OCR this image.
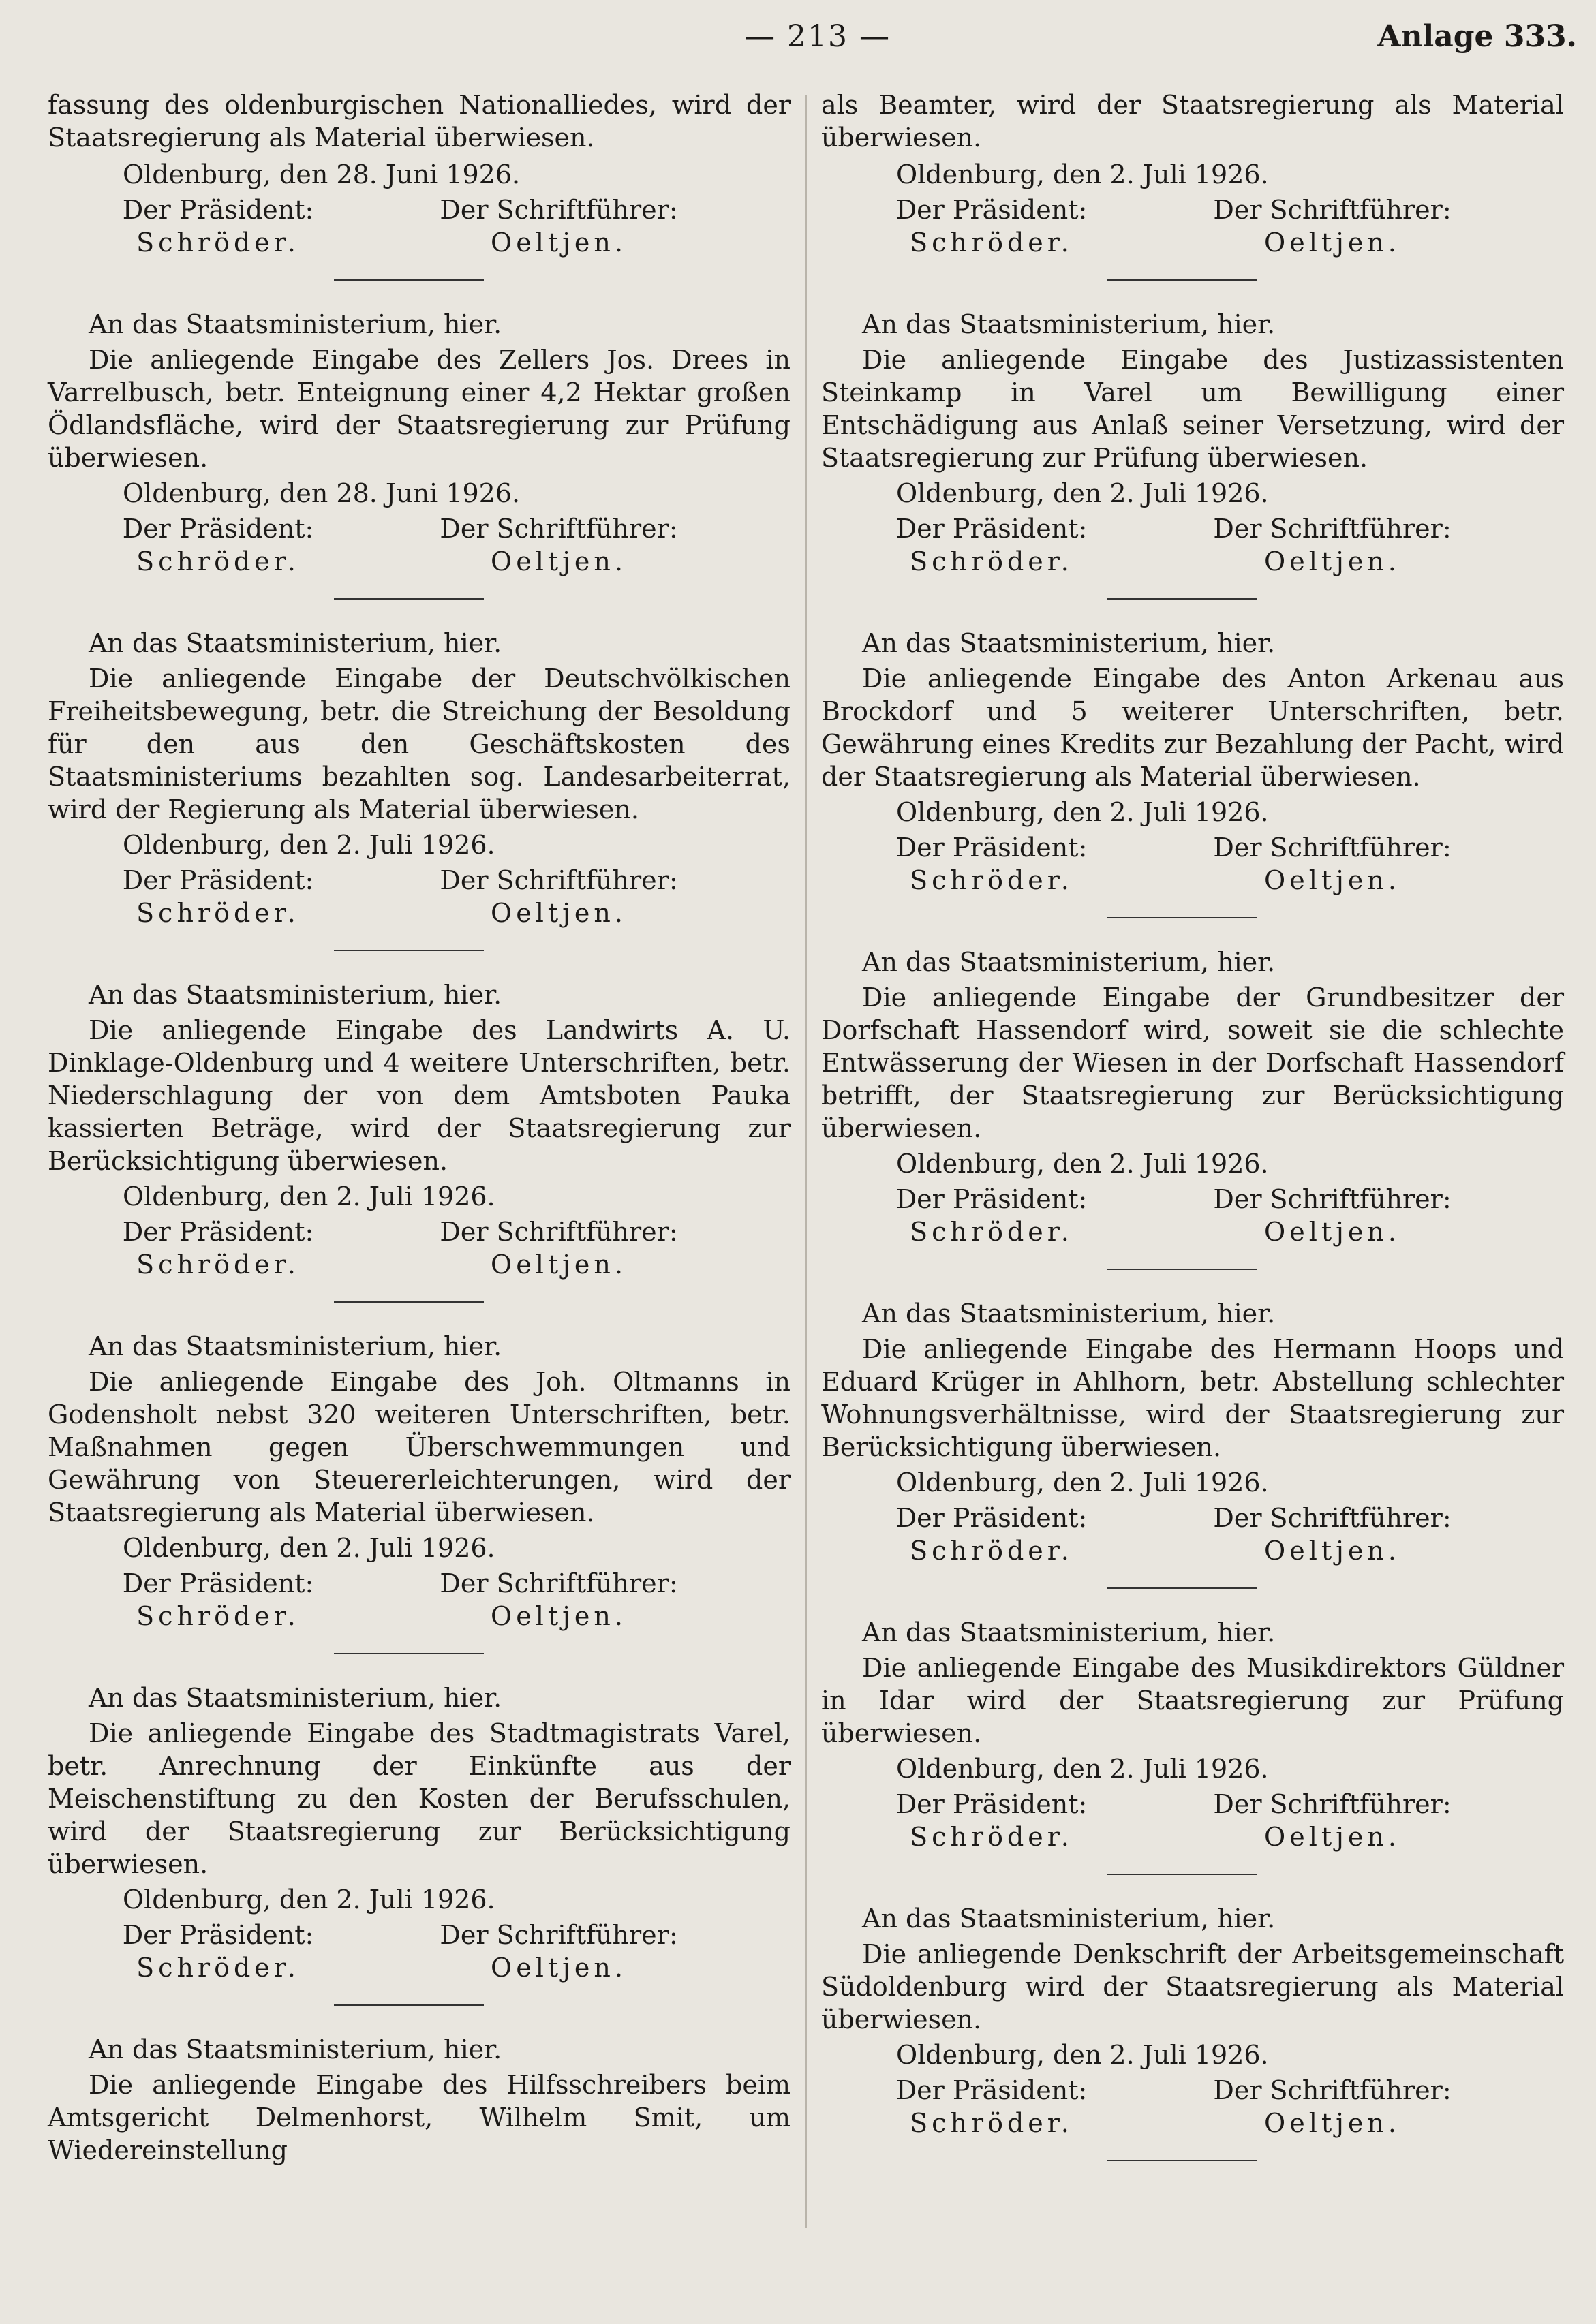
— 213 —	Anlage 333.

fassung des oldenburgischen Nationalliedes, wird der Staatsregierung als Material überwiesen.

Oldenburg, den 28. Juni 1926.
Der Präsident:	Der Schriftführer:
Schröder.	Oeltjen.
An das Staatsministerium, hier.

Die anliegende Eingabe des Zellers Jos. Drees in Varrelbusch, betr. Enteignung einer 4,2 Hektar großen Ödlandsfläche, wird der Staatsregierung zur Prüfung überwiesen.

Oldenburg, den 28. Juni 1926.
Der Präsident:	Der Schriftführer:
Schröder.	Oeltjen.
An das Staatsministerium, hier.

Die anliegende Eingabe der Deutschvölkischen Freiheitsbewegung, betr. die Streichung der Besoldung für den aus den Geschäftskosten des Staatsministeriums bezahlten sog. Landesarbeiterrat, wird der Regierung als Material überwiesen.

Oldenburg, den 2. Juli 1926.
Der Präsident:	Der Schriftführer:
Schröder.	Oeltjen.
An das Staatsministerium, hier.

Die anliegende Eingabe des Landwirts A. U. Dinklage-Oldenburg und 4 weitere Unterschriften, betr. Niederschlagung der von dem Amtsboten Pauka kassierten Beträge, wird der Staatsregierung zur Berücksichtigung überwiesen.

Oldenburg, den 2. Juli 1926.
Der Präsident:	Der Schriftführer:
Schröder.	Oeltjen.
An das Staatsministerium, hier.

Die anliegende Eingabe des Joh. Oltmanns in Godensholt nebst 320 weiteren Unterschriften, betr. Maßnahmen gegen Überschwemmungen und Gewährung von Steuererleichterungen, wird der Staatsregierung als Material überwiesen.

Oldenburg, den 2. Juli 1926.
Der Präsident:	Der Schriftführer:
Schröder.	Oeltjen.
An das Staatsministerium, hier.

Die anliegende Eingabe des Stadtmagistrats Varel, betr. Anrechnung der Einkünfte aus der Meischenstiftung zu den Kosten der Berufsschulen, wird der Staatsregierung zur Berücksichtigung überwiesen.

Oldenburg, den 2. Juli 1926.
Der Präsident:	Der Schriftführer:
Schröder.	Oeltjen.
An das Staatsministerium, hier.

Die anliegende Eingabe des Hilfsschreibers beim Amtsgericht Delmenhorst, Wilhelm Smit, um Wiedereinstellung

als Beamter, wird der Staatsregierung als Material überwiesen.

Oldenburg, den 2. Juli 1926.
Der Präsident:	Der Schriftführer:
Schröder.	Oeltjen.
An das Staatsministerium, hier.

Die anliegende Eingabe des Justizassistenten Steinkamp in Varel um Bewilligung einer Entschädigung aus Anlaß seiner Versetzung, wird der Staatsregierung zur Prüfung überwiesen.

Oldenburg, den 2. Juli 1926.
Der Präsident:	Der Schriftführer:
Schröder.	Oeltjen.
An das Staatsministerium, hier.

Die anliegende Eingabe des Anton Arkenau aus Brockdorf und 5 weiterer Unterschriften, betr. Gewährung eines Kredits zur Bezahlung der Pacht, wird der Staatsregierung als Material überwiesen.

Oldenburg, den 2. Juli 1926.
Der Präsident:	Der Schriftführer:
Schröder.	Oeltjen.
An das Staatsministerium, hier.

Die anliegende Eingabe der Grundbesitzer der Dorfschaft Hassendorf wird, soweit sie die schlechte Entwässerung der Wiesen in der Dorfschaft Hassendorf betrifft, der Staatsregierung zur Berücksichtigung überwiesen.

Oldenburg, den 2. Juli 1926.
Der Präsident:	Der Schriftführer:
Schröder.	Oeltjen.
An das Staatsministerium, hier.

Die anliegende Eingabe des Hermann Hoops und Eduard Krüger in Ahlhorn, betr. Abstellung schlechter Wohnungsverhältnisse, wird der Staatsregierung zur Berücksichtigung überwiesen.

Oldenburg, den 2. Juli 1926.
Der Präsident:	Der Schriftführer:
Schröder.	Oeltjen.
An das Staatsministerium, hier.

Die anliegende Eingabe des Musikdirektors Güldner in Idar wird der Staatsregierung zur Prüfung überwiesen.

Oldenburg, den 2. Juli 1926.
Der Präsident:	Der Schriftführer:
Schröder.	Oeltjen.
An das Staatsministerium, hier.

Die anliegende Denkschrift der Arbeitsgemeinschaft Südoldenburg wird der Staatsregierung als Material überwiesen.

Oldenburg, den 2. Juli 1926.
Der Präsident:	Der Schriftführer:
Schröder.	Oeltjen.
